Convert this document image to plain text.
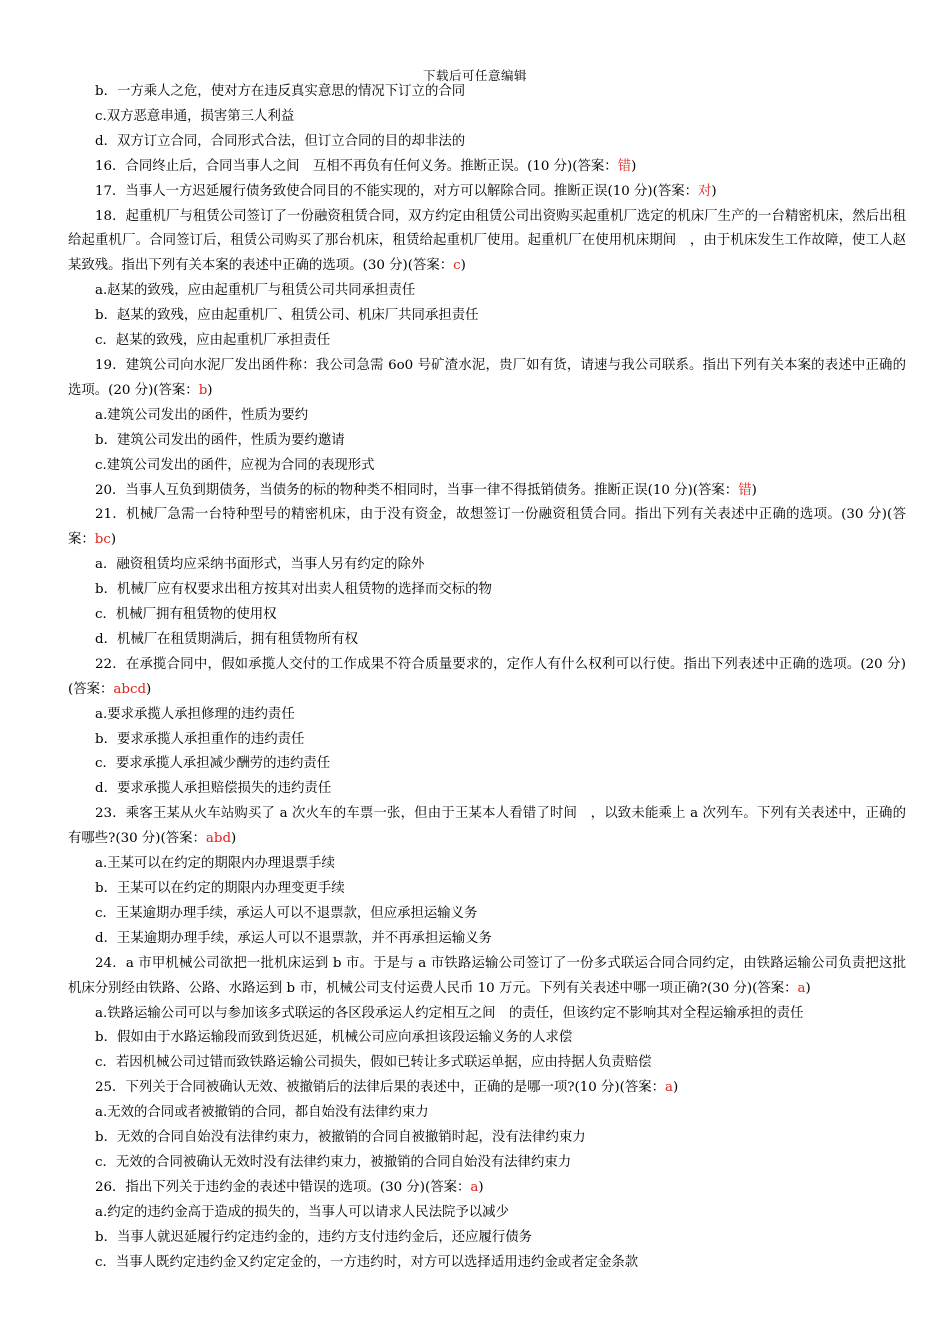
下载后可任意编辑

b．一方乘人之危，使对方在违反真实意思的情况下订立的合同

c.双方恶意串通，损害第三人利益

d．双方订立合同，合同形式合法，但订立合同的目的却非法的

16．合同终止后，合同当事人之间　互相不再负有任何义务。推断正误。(10 分)(答案：错)

17．当事人一方迟延履行债务致使合同目的不能实现的，对方可以解除合同。推断正误(10 分)(答案：对)

18．起重机厂与租赁公司签订了一份融资租赁合同，双方约定由租赁公司出资购买起重机厂选定的机床厂生产的一台精密机床，然后出租给起重机厂。合同签订后，租赁公司购买了那台机床，租赁给起重机厂使用。起重机厂在使用机床期间　，由于机床发生工作故障，使工人赵某致残。指出下列有关本案的表述中正确的选项。(30 分)(答案：c)

a.赵某的致残，应由起重机厂与租赁公司共同承担责任

b．赵某的致残，应由起重机厂、租赁公司、机床厂共同承担责任

c．赵某的致残，应由起重机厂承担责任

19．建筑公司向水泥厂发出函件称：我公司急需 6o0 号矿渣水泥，贵厂如有货，请速与我公司联系。指出下列有关本案的表述中正确的选项。(20 分)(答案：b)

a.建筑公司发出的函件，性质为要约

b．建筑公司发出的函件，性质为要约邀请

c.建筑公司发出的函件，应视为合同的表现形式

20．当事人互负到期债务，当债务的标的物种类不相同时，当事一律不得抵销债务。推断正误(10 分)(答案：错)

21．机械厂急需一台特种型号的精密机床，由于没有资金，故想签订一份融资租赁合同。指出下列有关表述中正确的选项。(30 分)(答案：bc)

a．融资租赁均应采纳书面形式，当事人另有约定的除外

b．机械厂应有权要求出租方按其对出卖人租赁物的选择而交标的物

c．机械厂拥有租赁物的使用权

d．机械厂在租赁期满后，拥有租赁物所有权

22．在承揽合同中，假如承揽人交付的工作成果不符合质量要求的，定作人有什么权利可以行使。指出下列表述中正确的选项。(20 分)(答案：abcd)

a.要求承揽人承担修理的违约责任

b．要求承揽人承担重作的违约责任

c．要求承揽人承担减少酬劳的违约责任

d．要求承揽人承担赔偿损失的违约责任

23．乘客王某从火车站购买了 a 次火车的车票一张，但由于王某本人看错了时间　，以致未能乘上 a 次列车。下列有关表述中，正确的有哪些?(30 分)(答案：abd)

a.王某可以在约定的期限内办理退票手续

b．王某可以在约定的期限内办理变更手续

c．王某逾期办理手续，承运人可以不退票款，但应承担运输义务

d．王某逾期办理手续，承运人可以不退票款，并不再承担运输义务

24．a 市甲机械公司欲把一批机床运到 b 市。于是与 a 市铁路运输公司签订了一份多式联运合同合同约定，由铁路运输公司负责把这批机床分别经由铁路、公路、水路运到 b 市，机械公司支付运费人民币 10 万元。下列有关表述中哪一项正确?(30 分)(答案：a)

a.铁路运输公司可以与参加该多式联运的各区段承运人约定相互之间　的责任，但该约定不影响其对全程运输承担的责任

b．假如由于水路运输段而致到货迟延，机械公司应向承担该段运输义务的人求偿

c．若因机械公司过错而致铁路运输公司损失，假如已转让多式联运单据，应由持据人负责赔偿

25．下列关于合同被确认无效、被撤销后的法律后果的表述中，正确的是哪一项?(10 分)(答案：a)

a.无效的合同或者被撤销的合同，都自始没有法律约束力

b．无效的合同自始没有法律约束力，被撤销的合同自被撤销时起，没有法律约束力

c．无效的合同被确认无效时没有法律约束力，被撤销的合同自始没有法律约束力

26．指出下列关于违约金的表述中错误的选项。(30 分)(答案：a)

a.约定的违约金高于造成的损失的，当事人可以请求人民法院予以减少

b．当事人就迟延履行约定违约金的，违约方支付违约金后，还应履行债务

c．当事人既约定违约金又约定定金的，一方违约时，对方可以选择适用违约金或者定金条款
